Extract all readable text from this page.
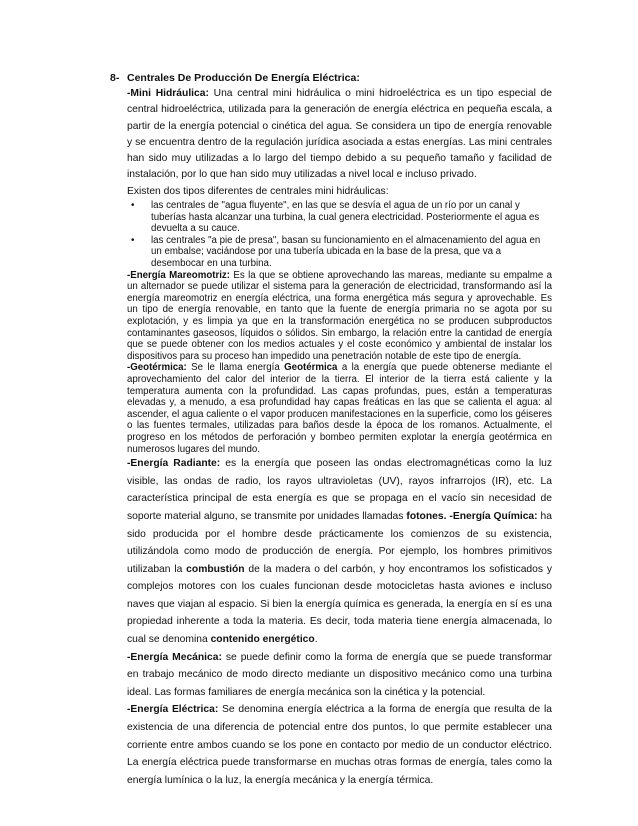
8- Centrales De Producción De Energía Eléctrica:

-Mini Hidráulica: Una central mini hidráulica o mini hidroeléctrica es un tipo especial de central hidroeléctrica, utilizada para la generación de energía eléctrica en pequeña escala, a partir de la energía potencial o cinética del agua. Se considera un tipo de energía renovable y se encuentra dentro de la regulación jurídica asociada a estas energías. Las mini centrales han sido muy utilizadas a lo largo del tiempo debido a su pequeño tamaño y facilidad de instalación, por lo que han sido muy utilizadas a nivel local e incluso privado.

Existen dos tipos diferentes de centrales mini hidráulicas:

• las centrales de "agua fluyente", en las que se desvía el agua de un río por un canal y tuberías hasta alcanzar una turbina, la cual genera electricidad. Posteriormente el agua es devuelta a su cauce.
• las centrales "a pie de presa", basan su funcionamiento en el almacenamiento del agua en un embalse; vaciándose por una tubería ubicada en la base de la presa, que va a desembocar en una turbina.

-Energía Mareomotriz: Es la que se obtiene aprovechando las mareas, mediante su empalme a un alternador se puede utilizar el sistema para la generación de electricidad, transformando así la energía mareomotriz en energía eléctrica, una forma energética más segura y aprovechable. Es un tipo de energía renovable, en tanto que la fuente de energía primaria no se agota por su explotación, y es limpia ya que en la transformación energética no se producen subproductos contaminantes gaseosos, líquidos o sólidos. Sin embargo, la relación entre la cantidad de energía que se puede obtener con los medios actuales y el coste económico y ambiental de instalar los dispositivos para su proceso han impedido una penetración notable de este tipo de energía.

-Geotérmica: Se le llama energía Geotérmica a la energía que puede obtenerse mediante el aprovechamiento del calor del interior de la tierra. El interior de la tierra está caliente y la temperatura aumenta con la profundidad. Las capas profundas, pues, están a temperaturas elevadas y, a menudo, a esa profundidad hay capas freáticas en las que se calienta el agua: al ascender, el agua caliente o el vapor producen manifestaciones en la superficie, como los géiseres o las fuentes termales, utilizadas para baños desde la época de los romanos. Actualmente, el progreso en los métodos de perforación y bombeo permiten explotar la energía geotérmica en numerosos lugares del mundo.

-Energía Radiante: es la energía que poseen las ondas electromagnéticas como la luz visible, las ondas de radio, los rayos ultravioletas (UV), rayos infrarrojos (IR), etc. La característica principal de esta energía es que se propaga en el vacío sin necesidad de soporte material alguno, se transmite por unidades llamadas fotones. -Energía Química: ha sido producida por el hombre desde prácticamente los comienzos de su existencia, utilizándola como modo de producción de energía. Por ejemplo, los hombres primitivos utilizaban la combustión de la madera o del carbón, y hoy encontramos los sofisticados y complejos motores con los cuales funcionan desde motocicletas hasta aviones e incluso naves que viajan al espacio. Si bien la energía química es generada, la energía en sí es una propiedad inherente a toda la materia. Es decir, toda materia tiene energía almacenada, lo cual se denomina contenido energético.

-Energía Mecánica: se puede definir como la forma de energía que se puede transformar en trabajo mecánico de modo directo mediante un dispositivo mecánico como una turbina ideal. Las formas familiares de energía mecánica son la cinética y la potencial.

-Energía Eléctrica: Se denomina energía eléctrica a la forma de energía que resulta de la existencia de una diferencia de potencial entre dos puntos, lo que permite establecer una corriente entre ambos cuando se los pone en contacto por medio de un conductor eléctrico. La energía eléctrica puede transformarse en muchas otras formas de energía, tales como la energía lumínica o la luz, la energía mecánica y la energía térmica.
